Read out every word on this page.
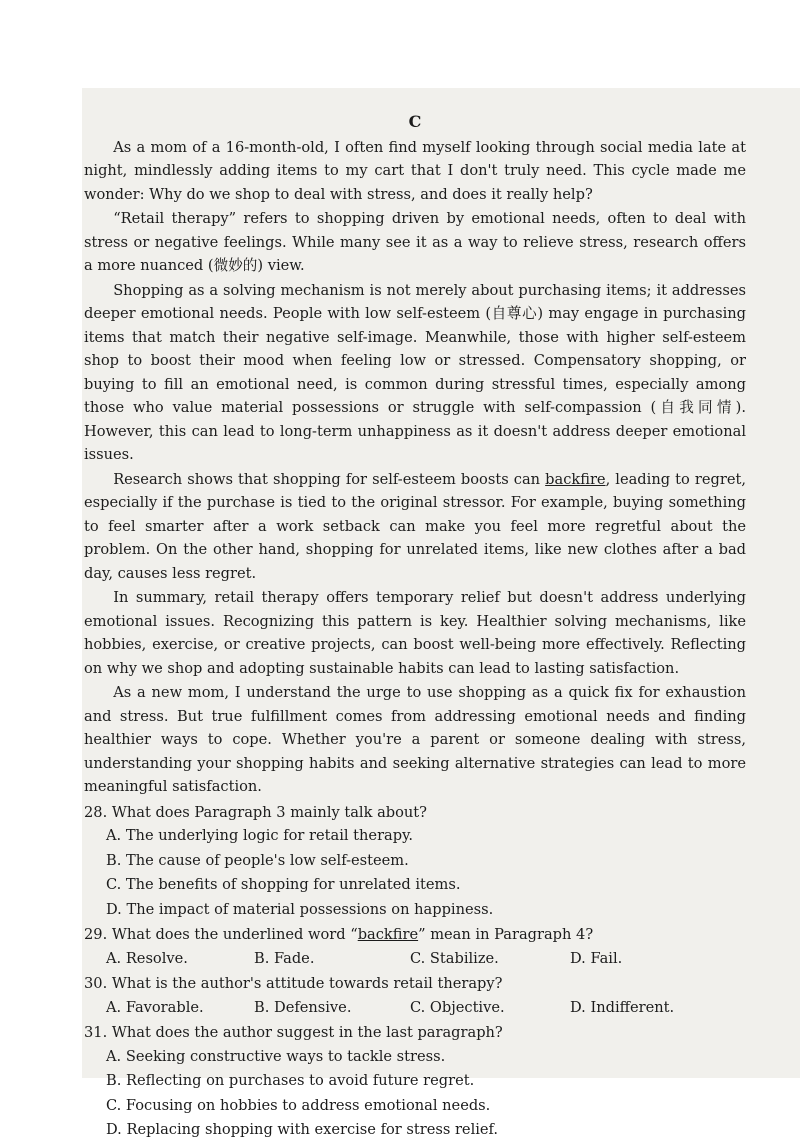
C

As a mom of a 16-month-old, I often find myself looking through social media late at night, mindlessly adding items to my cart that I don't truly need. This cycle made me wonder: Why do we shop to deal with stress, and does it really help?

“Retail therapy” refers to shopping driven by emotional needs, often to deal with stress or negative feelings. While many see it as a way to relieve stress, research offers a more nuanced (微妙的) view.

Shopping as a solving mechanism is not merely about purchasing items; it addresses deeper emotional needs. People with low self-esteem (自尊心) may engage in purchasing items that match their negative self-image. Meanwhile, those with higher self-esteem shop to boost their mood when feeling low or stressed. Compensatory shopping, or buying to fill an emotional need, is common during stressful times, especially among those who value material possessions or struggle with self-compassion (自我同情). However, this can lead to long-term unhappiness as it doesn't address deeper emotional issues.

Research shows that shopping for self-esteem boosts can backfire, leading to regret, especially if the purchase is tied to the original stressor. For example, buying something to feel smarter after a work setback can make you feel more regretful about the problem. On the other hand, shopping for unrelated items, like new clothes after a bad day, causes less regret.

In summary, retail therapy offers temporary relief but doesn't address underlying emotional issues. Recognizing this pattern is key. Healthier solving mechanisms, like hobbies, exercise, or creative projects, can boost well-being more effectively. Reflecting on why we shop and adopting sustainable habits can lead to lasting satisfaction.

As a new mom, I understand the urge to use shopping as a quick fix for exhaustion and stress. But true fulfillment comes from addressing emotional needs and finding healthier ways to cope. Whether you're a parent or someone dealing with stress, understanding your shopping habits and seeking alternative strategies can lead to more meaningful satisfaction.

28. What does Paragraph 3 mainly talk about?

A. The underlying logic for retail therapy.

B. The cause of people's low self-esteem.

C. The benefits of shopping for unrelated items.

D. The impact of material possessions on happiness.

29. What does the underlined word “backfire” mean in Paragraph 4?

A. Resolve.	B. Fade.	C. Stabilize.	D. Fail.

30. What is the author's attitude towards retail therapy?

A. Favorable.	B. Defensive.	C. Objective.	D. Indifferent.

31. What does the author suggest in the last paragraph?

A. Seeking constructive ways to tackle stress.

B. Reflecting on purchases to avoid future regret.

C. Focusing on hobbies to address emotional needs.

D. Replacing shopping with exercise for stress relief.
